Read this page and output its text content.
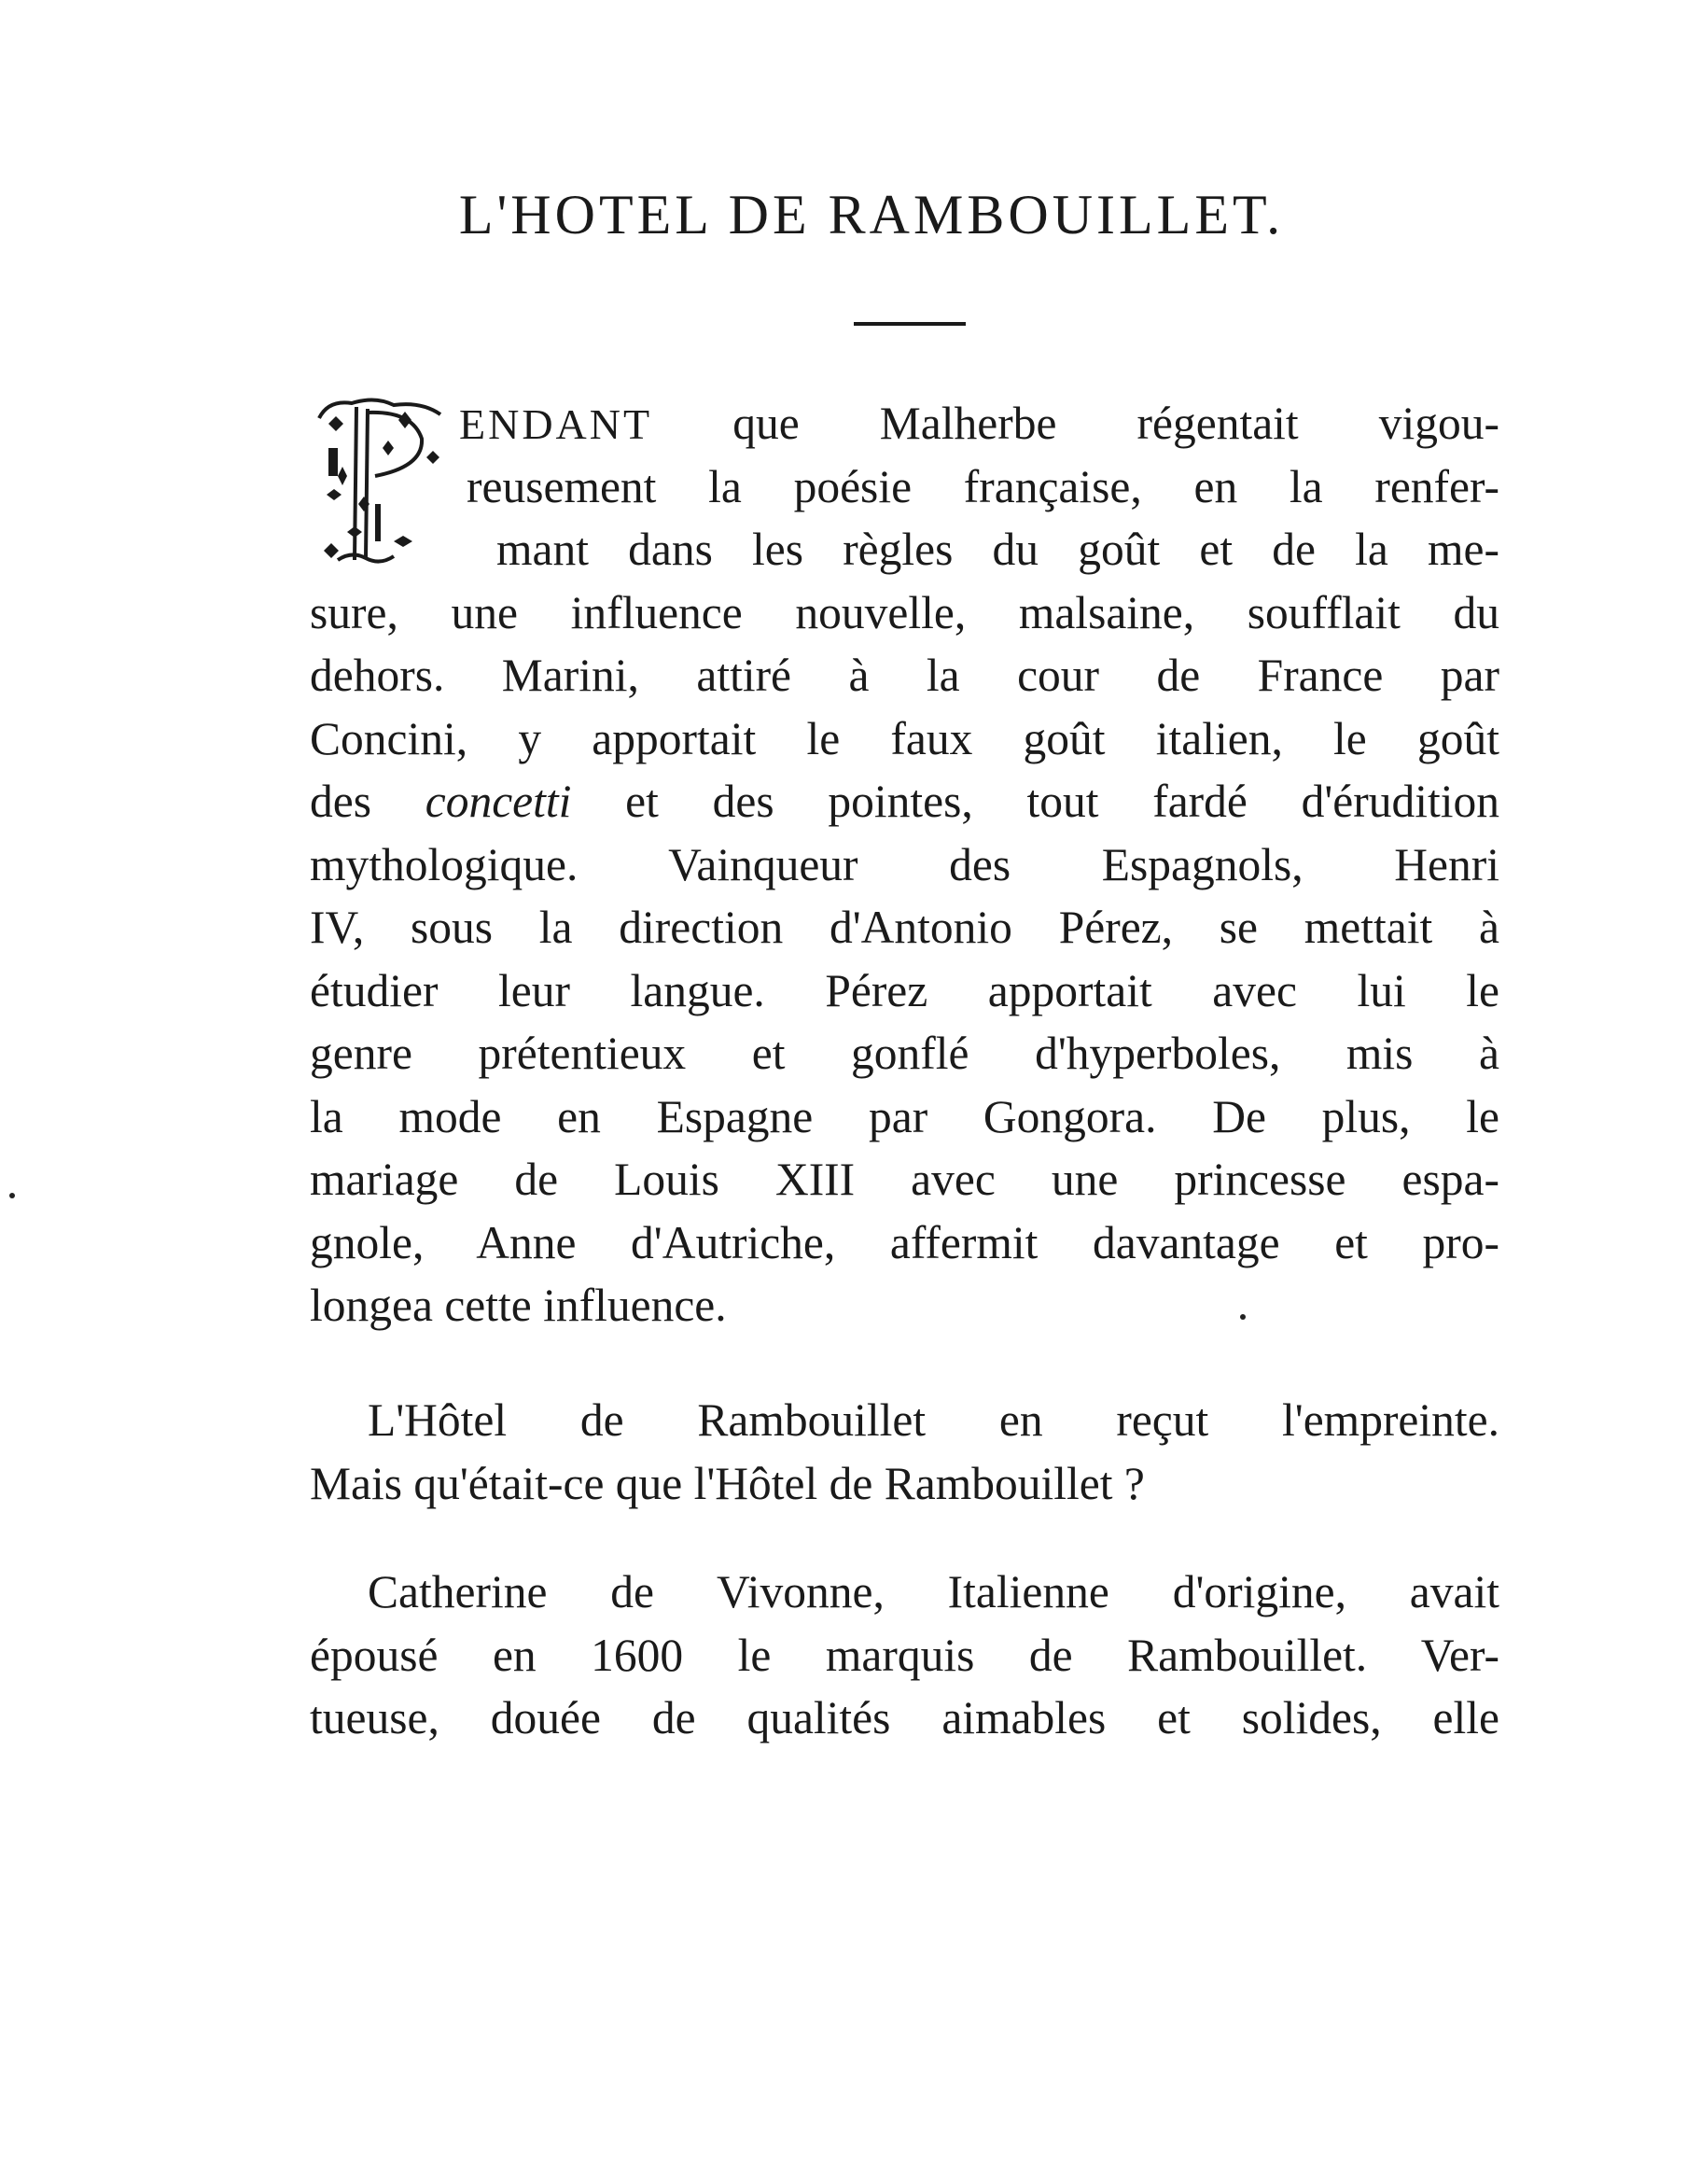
L'HOTEL DE RAMBOUILLET.
ENDANT que Malherbe régentait vigou-
reusement la poésie française, en la renfer-
mant dans les règles du goût et de la me-
sure, une influence nouvelle, malsaine, soufflait du
dehors. Marini, attiré à la cour de France par
Concini, y apportait le faux goût italien, le goût
des concetti et des pointes, tout fardé d'érudition
mythologique. Vainqueur des Espagnols, Henri
IV, sous la direction d'Antonio Pérez, se mettait à
étudier leur langue. Pérez apportait avec lui le
genre prétentieux et gonflé d'hyperboles, mis à
la mode en Espagne par Gongora. De plus, le
mariage de Louis XIII avec une princesse espa-
gnole, Anne d'Autriche, affermit davantage et pro-
longea cette influence.
L'Hôtel de Rambouillet en reçut l'empreinte.
Mais qu'était-ce que l'Hôtel de Rambouillet ?
Catherine de Vivonne, Italienne d'origine, avait
épousé en 1600 le marquis de Rambouillet. Ver-
tueuse, douée de qualités aimables et solides, elle
